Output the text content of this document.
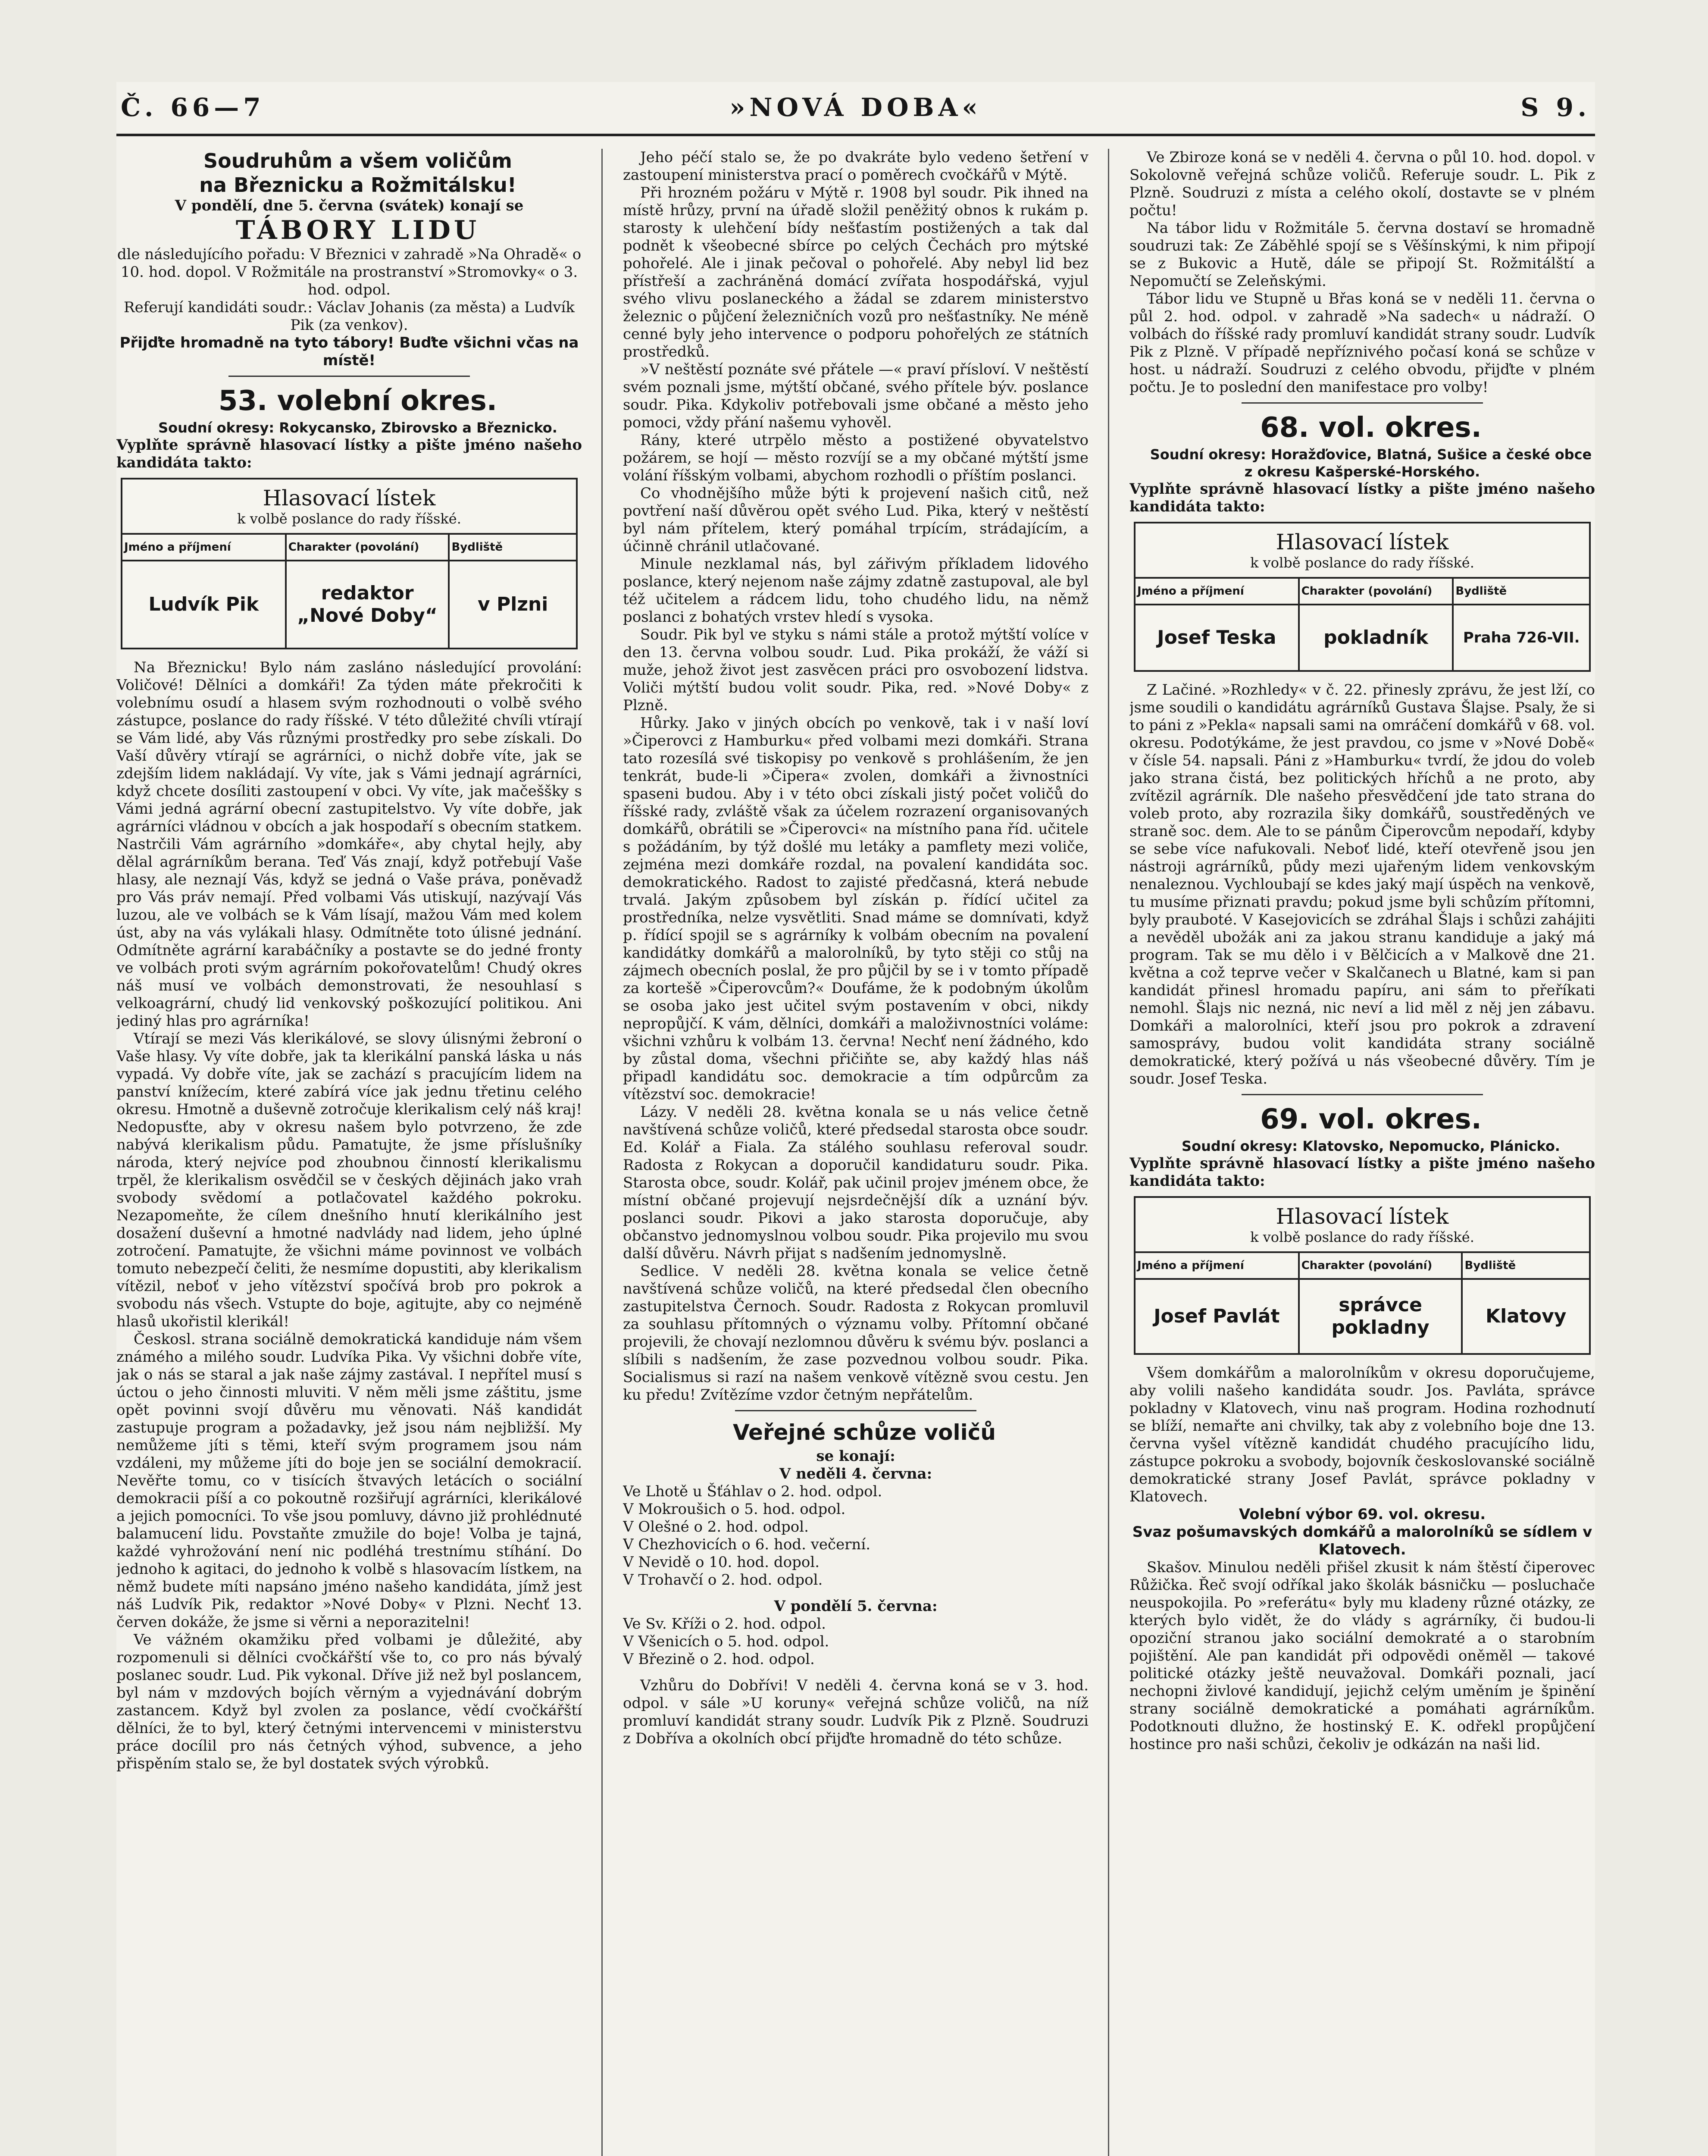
Č. 66—7	»NOVÁ DOBA«	S 9.

Soudruhům a všem voličům

na Březnicku a Rožmitálsku!

V pondělí, dne 5. června (svátek) konají se

TÁBORY LIDU

dle následujícího pořadu: V Březnici v zahradě »Na Ohradě« o 10. hod. dopol. V Rožmitále na prostranství »Stromovky« o 3. hod. odpol.

Referují kandidáti soudr.: Václav Johanis (za města) a Ludvík Pik (za venkov).

Přijďte hromadně na tyto tábory! Buďte všichni včas na místě!

53. volební okres.

Soudní okresy: Rokycansko, Zbirovsko a Březnicko.

Vyplňte správně hlasovací lístky a pište jméno našeho kandidáta takto:

Hlasovací lístek
k volbě poslance do rady říšské.
Jméno a příjmení	Charakter (povolání)	Bydliště
Ludvík Pik	redaktor „Nové Doby“	v Plzni

Na Březnicku! Bylo nám zasláno následující provolání: Voličové! Dělníci a domkáři! Za týden máte překročiti k volebnímu osudí a hlasem svým rozhodnouti o volbě svého zástupce, poslance do rady říšské. V této důležité chvíli vtírají se Vám lidé, aby Vás různými prostředky pro sebe získali. Do Vaší důvěry vtírají se agrárníci, o nichž dobře víte, jak se zdejším lidem nakládají. Vy víte, jak s Vámi jednají agrárníci, když chcete dosíliti zastoupení v obci. Vy víte, jak mačeššky s Vámi jedná agrární obecní zastupitelstvo. Vy víte dobře, jak agrárníci vládnou v obcích a jak hospodaří s obecním statkem. Nastrčili Vám agrárního »domkáře«, aby chytal hejly, aby dělal agrárníkům berana. Teď Vás znají, když potřebují Vaše hlasy, ale neznají Vás, když se jedná o Vaše práva, poněvadž pro Vás práv nemají. Před volbami Vás utiskují, nazývají Vás luzou, ale ve volbách se k Vám lísají, mažou Vám med kolem úst, aby na vás vylákali hlasy. Odmítněte toto úlisné jednání. Odmítněte agrární karabáčníky a postavte se do jedné fronty ve volbách proti svým agrárním pokořovatelům! Chudý okres náš musí ve volbách demonstrovati, že nesouhlasí s velkoagrární, chudý lid venkovský poškozující politikou. Ani jediný hlas pro agrárníka!

Vtírají se mezi Vás klerikálové, se slovy úlisnými žebroní o Vaše hlasy. Vy víte dobře, jak ta klerikální panská láska u nás vypadá. Vy dobře víte, jak se zachází s pracujícím lidem na panství knížecím, které zabírá více jak jednu třetinu celého okresu. Hmotně a duševně zotročuje klerikalism celý náš kraj! Nedopusťte, aby v okresu našem bylo potvrzeno, že zde nabývá klerikalism půdu. Pamatujte, že jsme příslušníky národa, který nejvíce pod zhoubnou činností klerikalismu trpěl, že klerikalism osvědčil se v českých dějinách jako vrah svobody svědomí a potlačovatel každého pokroku. Nezapomeňte, že cílem dnešního hnutí klerikálního jest dosažení duševní a hmotné nadvlády nad lidem, jeho úplné zotročení. Pamatujte, že všichni máme povinnost ve volbách tomuto nebezpečí čeliti, že nesmíme dopustiti, aby klerikalism vítězil, neboť v jeho vítězství spočívá brob pro pokrok a svobodu nás všech. Vstupte do boje, agitujte, aby co nejméně hlasů ukořistil klerikál!

Českosl. strana sociálně demokratická kandiduje nám všem známého a milého soudr. Ludvíka Pika. Vy všichni dobře víte, jak o nás se staral a jak naše zájmy zastával. I nepřítel musí s úctou o jeho činnosti mluviti. V něm měli jsme záštitu, jsme opět povinni svojí důvěru mu věnovati. Náš kandidát zastupuje program a požadavky, jež jsou nám nejbližší. My nemůžeme jíti s těmi, kteří svým programem jsou nám vzdáleni, my můžeme jíti do boje jen se sociální demokracií. Nevěřte tomu, co v tisících štvavých letácích o sociální demokracii píší a co pokoutně rozšiřují agrárníci, klerikálové a jejich pomocníci. To vše jsou pomluvy, dávno již prohlédnuté balamucení lidu. Povstaňte zmužile do boje! Volba je tajná, každé vyhrožování není nic podléhá trestnímu stíhání. Do jednoho k agitaci, do jednoho k volbě s hlasovacím lístkem, na němž budete míti napsáno jméno našeho kandidáta, jímž jest náš Ludvík Pik, redaktor »Nové Doby« v Plzni. Nechť 13. červen dokáže, že jsme si věrni a neporazitelni!

Ve vážném okamžiku před volbami je důležité, aby rozpomenuli si dělníci cvočkářští vše to, co pro nás bývalý poslanec soudr. Lud. Pik vykonal. Dříve již než byl poslancem, byl nám v mzdových bojích věrným a vyjednávání dobrým zastancem. Když byl zvolen za poslance, vědí cvočkářští dělníci, že to byl, který četnými intervencemi v ministerstvu práce docílil pro nás četných výhod, subvence, a jeho přispěním stalo se, že byl dostatek svých výrobků.

Jeho péčí stalo se, že po dvakráte bylo vedeno šetření v zastoupení ministerstva prací o poměrech cvočkářů v Mýtě.

Při hrozném požáru v Mýtě r. 1908 byl soudr. Pik ihned na místě hrůzy, první na úřadě složil peněžitý obnos k rukám p. starosty k ulehčení bídy nešťastím postižených a tak dal podnět k všeobecné sbírce po celých Čechách pro mýtské pohořelé. Ale i jinak pečoval o pohořelé. Aby nebyl lid bez přístřeší a zachráněná domácí zvířata hospodářská, vyjul svého vlivu poslaneckého a žádal se zdarem ministerstvo železnic o půjčení železničních vozů pro nešťastníky. Ne méně cenné byly jeho intervence o podporu pohořelých ze státních prostředků.

»V neštěstí poznáte své přátele —« praví přísloví. V neštěstí svém poznali jsme, mýtští občané, svého přítele býv. poslance soudr. Pika. Kdykoliv potřebovali jsme občané a město jeho pomoci, vždy přání našemu vyhověl.

Rány, které utrpělo město a postižené obyvatelstvo požárem, se hojí — město rozvíjí se a my občané mýtští jsme volání říšským volbami, abychom rozhodli o příštím poslanci.

Co vhodnějšího může býti k projevení našich citů, než povtření naší důvěrou opět svého Lud. Pika, který v neštěstí byl nám přítelem, který pomáhal trpícím, strádajícím, a účinně chránil utlačované.

Minule nezklamal nás, byl zářivým příkladem lidového poslance, který nejenom naše zájmy zdatně zastupoval, ale byl též učitelem a rádcem lidu, toho chudého lidu, na němž poslanci z bohatých vrstev hledí s vysoka.

Soudr. Pik byl ve styku s námi stále a protož mýtští volíce v den 13. června volbou soudr. Lud. Pika prokáží, že váží si muže, jehož život jest zasvěcen práci pro osvobození lidstva. Voliči mýtští budou volit soudr. Pika, red. »Nové Doby« z Plzně.

Hůrky. Jako v jiných obcích po venkově, tak i v naší loví »Čiperovci z Hamburku« před volbami mezi domkáři. Strana tato rozesílá své tiskopisy po venkově s prohlášením, že jen tenkrát, bude-li »Čipera« zvolen, domkáři a živnostníci spaseni budou. Aby i v této obci získali jistý počet voličů do říšské rady, zvláště však za účelem rozrazení organisovaných domkářů, obrátili se »Čiperovci« na místního pana říd. učitele s požádáním, by týž došlé mu letáky a pamflety mezi voliče, zejména mezi domkáře rozdal, na povalení kandidáta soc. demokratického. Radost to zajisté předčasná, která nebude trvalá. Jakým způsobem byl získán p. řídící učitel za prostředníka, nelze vysvětliti. Snad máme se domnívati, když p. řídící spojil se s agrárníky k volbám obecním na povalení kandidátky domkářů a malorolníků, by tyto stěji co stůj na zájmech obecních poslal, že pro půjčil by se i v tomto případě za kortešě »Čiperovcům?« Doufáme, že k podobným úkolům se osoba jako jest učitel svým postavením v obci, nikdy nepropůjčí. K vám, dělníci, domkáři a maloživnostníci voláme: všichni vzhůru k volbám 13. června! Nechť není žádného, kdo by zůstal doma, všechni přičiňte se, aby každý hlas náš připadl kandidátu soc. demokracie a tím odpůrcům za vítězství soc. demokracie!

Lázy. V neděli 28. května konala se u nás velice četně navštívená schůze voličů, které předsedal starosta obce soudr. Ed. Kolář a Fiala. Za stálého souhlasu referoval soudr. Radosta z Rokycan a doporučil kandidaturu soudr. Pika. Starosta obce, soudr. Kolář, pak učinil projev jménem obce, že místní občané projevují nejsrdečnější dík a uznání býv. poslanci soudr. Pikovi a jako starosta doporučuje, aby občanstvo jednomyslnou volbou soudr. Pika projevilo mu svou další důvěru. Návrh přijat s nadšením jednomyslně.

Sedlice. V neděli 28. května konala se velice četně navštívená schůze voličů, na které předsedal člen obecního zastupitelstva Černoch. Soudr. Radosta z Rokycan promluvil za souhlasu přítomných o významu volby. Přítomní občané projevili, že chovají nezlomnou důvěru k svému býv. poslanci a slíbili s nadšením, že zase pozvednou volbou soudr. Pika. Socialismus si razí na našem venkově vítězně svou cestu. Jen ku předu! Zvítězíme vzdor četným nepřátelům.

Veřejné schůze voličů

se konají:

V neděli 4. června:

Ve Lhotě u Šťáhlav o 2. hod. odpol.

V Mokroušich o 5. hod. odpol.

V Olešné o 2. hod. odpol.

V Chezhovicích o 6. hod. večerní.

V Nevidě o 10. hod. dopol.

V Trohavčí o 2. hod. odpol.

V pondělí 5. června:

Ve Sv. Kříži o 2. hod. odpol.

V Všenicích o 5. hod. odpol.

V Březině o 2. hod. odpol.

Vzhůru do Dobřívi! V neděli 4. června koná se v 3. hod. odpol. v sále »U koruny« veřejná schůze voličů, na níž promluví kandidát strany soudr. Ludvík Pik z Plzně. Soudruzi z Dobříva a okolních obcí přijďte hromadně do této schůze.

Ve Zbiroze koná se v neděli 4. června o půl 10. hod. dopol. v Sokolovně veřejná schůze voličů. Referuje soudr. L. Pik z Plzně. Soudruzi z místa a celého okolí, dostavte se v plném počtu!

Na tábor lidu v Rožmitále 5. června dostaví se hromadně soudruzi tak: Ze Záběhlé spojí se s Věšínskými, k nim připojí se z Bukovic a Hutě, dále se připojí St. Rožmitálští a Nepomučtí se Zeleňskými.

Tábor lidu ve Stupně u Břas koná se v neděli 11. června o půl 2. hod. odpol. v zahradě »Na sadech« u nádraží. O volbách do říšské rady promluví kandidát strany soudr. Ludvík Pik z Plzně. V případě nepříznivého počasí koná se schůze v host. u nádraží. Soudruzi z celého obvodu, přijďte v plném počtu. Je to poslední den manifestace pro volby!

68. vol. okres.

Soudní okresy: Horažďovice, Blatná, Sušice a české obce z okresu Kašperské-Horského.

Vyplňte správně hlasovací lístky a pište jméno našeho kandidáta takto:

Hlasovací lístek
k volbě poslance do rady říšské.
Jméno a příjmení	Charakter (povolání)	Bydliště
Josef Teska	pokladník	Praha 726-VII.

Z Lačiné. »Rozhledy« v č. 22. přinesly zprávu, že jest lží, co jsme soudili o kandidátu agrárníků Gustava Šlajse. Psaly, že si to páni z »Pekla« napsali sami na omráčení domkářů v 68. vol. okresu. Podotýkáme, že jest pravdou, co jsme v »Nové Době« v čísle 54. napsali. Páni z »Hamburku« tvrdí, že jdou do voleb jako strana čistá, bez politických hříchů a ne proto, aby zvítězil agrárník. Dle našeho přesvědčení jde tato strana do voleb proto, aby rozrazila šiky domkářů, soustředěných ve straně soc. dem. Ale to se pánům Čiperovcům nepodaří, kdyby se sebe více nafukovali. Neboť lidé, kteří otevřeně jsou jen nástroji agrárníků, půdy mezi ujařeným lidem venkovským nenaleznou. Vychloubají se kdes jaký mají úspěch na venkově, tu musíme přiznati pravdu; pokud jsme byli schůzím přítomni, byly prauboté. V Kasejovicích se zdráhal Šlajs i schůzi zahájiti a nevěděl ubožák ani za jakou stranu kandiduje a jaký má program. Tak se mu dělo i v Bělčicích a v Malkově dne 21. května a což teprve večer v Skalčanech u Blatné, kam si pan kandidát přinesl hromadu papíru, ani sám to přeříkati nemohl. Šlajs nic nezná, nic neví a lid měl z něj jen zábavu. Domkáři a malorolníci, kteří jsou pro pokrok a zdravení samosprávy, budou volit kandidáta strany sociálně demokratické, který požívá u nás všeobecné důvěry. Tím je soudr. Josef Teska.

69. vol. okres.

Soudní okresy: Klatovsko, Nepomucko, Plánicko.

Vyplňte správně hlasovací lístky a pište jméno našeho kandidáta takto:

Hlasovací lístek
k volbě poslance do rady říšské.
Jméno a příjmení	Charakter (povolání)	Bydliště
Josef Pavlát	správce pokladny	Klatovy

Všem domkářům a malorolníkům v okresu doporučujeme, aby volili našeho kandidáta soudr. Jos. Pavláta, správce pokladny v Klatovech, vinu naš program. Hodina rozhodnutí se blíží, nemařte ani chvilky, tak aby z volebního boje dne 13. června vyšel vítězně kandidát chudého pracujícího lidu, zástupce pokroku a svobody, bojovník českoslovanské sociálně demokratické strany Josef Pavlát, správce pokladny v Klatovech.

Volební výbor 69. vol. okresu.

Svaz pošumavských domkářů a malorolníků se sídlem v Klatovech.

Skašov. Minulou neděli přišel zkusit k nám štěstí čiperovec Růžička. Řeč svojí odříkal jako školák básničku — posluchače neuspokojila. Po »referátu« byly mu kladeny různé otázky, ze kterých bylo vidět, že do vlády s agrárníky, či budou-li opoziční stranou jako sociální demokraté a o starobním pojištění. Ale pan kandidát při odpovědi oněměl — takové politické otázky ještě neuvažoval. Domkáři poznali, jací nechopni živlové kandidují, jejichž celým uměním je špinění strany sociálně demokratické a pomáhati agrárníkům. Podotknouti dlužno, že hostinský E. K. odřekl propůjčení hostince pro naši schůzi, čekoliv je odkázán na naši lid.
